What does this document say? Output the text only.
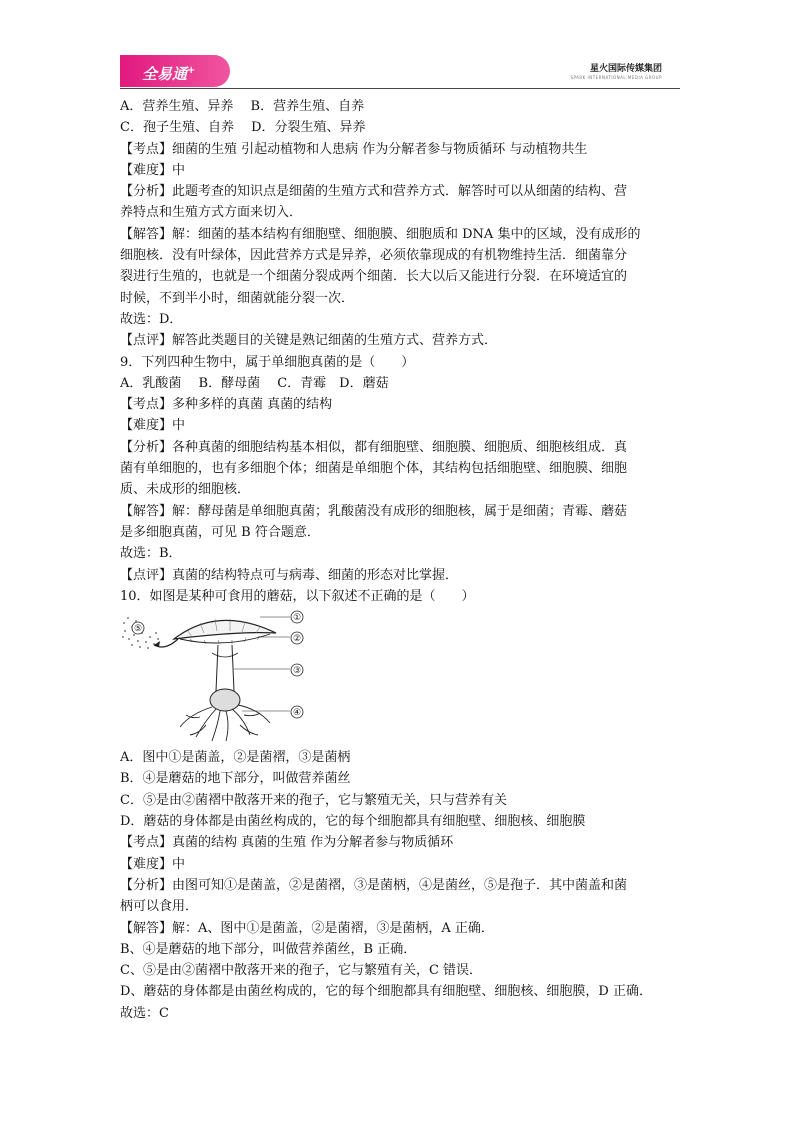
全易通+	星火国际传媒集团
SPARK INTERNATIONAL MEDIA GROUP
A．营养生殖、异养　 B．营养生殖、自养
C．孢子生殖、自养　 D．分裂生殖、异养
【考点】细菌的生殖 引起动植物和人患病 作为分解者参与物质循环 与动植物共生
【难度】中
【分析】此题考查的知识点是细菌的生殖方式和营养方式．解答时可以从细菌的结构、营
养特点和生殖方式方面来切入．
【解答】解：细菌的基本结构有细胞壁、细胞膜、细胞质和 DNA 集中的区域，没有成形的
细胞核．没有叶绿体，因此营养方式是异养，必须依靠现成的有机物维持生活．细菌靠分
裂进行生殖的，也就是一个细菌分裂成两个细菌．长大以后又能进行分裂．在环境适宜的
时候，不到半小时，细菌就能分裂一次．
故选：D．
【点评】解答此类题目的关键是熟记细菌的生殖方式、营养方式．
9．下列四种生物中，属于单细胞真菌的是（　　）
A．乳酸菌　 B．酵母菌　 C．青霉　D．蘑菇
【考点】多种多样的真菌 真菌的结构
【难度】中
【分析】各种真菌的细胞结构基本相似，都有细胞壁、细胞膜、细胞质、细胞核组成．真
菌有单细胞的，也有多细胞个体；细菌是单细胞个体，其结构包括细胞壁、细胞膜、细胞
质、未成形的细胞核．
【解答】解：酵母菌是单细胞真菌；乳酸菌没有成形的细胞核，属于是细菌；青霉、蘑菇
是多细胞真菌，可见 B 符合题意．
故选：B．
【点评】真菌的结构特点可与病毒、细菌的形态对比掌握．
10．如图是某种可食用的蘑菇，以下叙述不正确的是（　　）
⑤
①
②
③
④
A．图中①是菌盖，②是菌褶，③是菌柄
B．④是蘑菇的地下部分，叫做营养菌丝
C．⑤是由②菌褶中散落开来的孢子，它与繁殖无关，只与营养有关
D．蘑菇的身体都是由菌丝构成的，它的每个细胞都具有细胞壁、细胞核、细胞膜
【考点】真菌的结构 真菌的生殖 作为分解者参与物质循环
【难度】中
【分析】由图可知①是菌盖，②是菌褶，③是菌柄，④是菌丝，⑤是孢子．其中菌盖和菌
柄可以食用．
【解答】解：A、图中①是菌盖，②是菌褶，③是菌柄，A 正确．
B、④是蘑菇的地下部分，叫做营养菌丝，B 正确．
C、⑤是由②菌褶中散落开来的孢子，它与繁殖有关，C 错误．
D、蘑菇的身体都是由菌丝构成的，它的每个细胞都具有细胞壁、细胞核、细胞膜，D 正确．
故选：C
